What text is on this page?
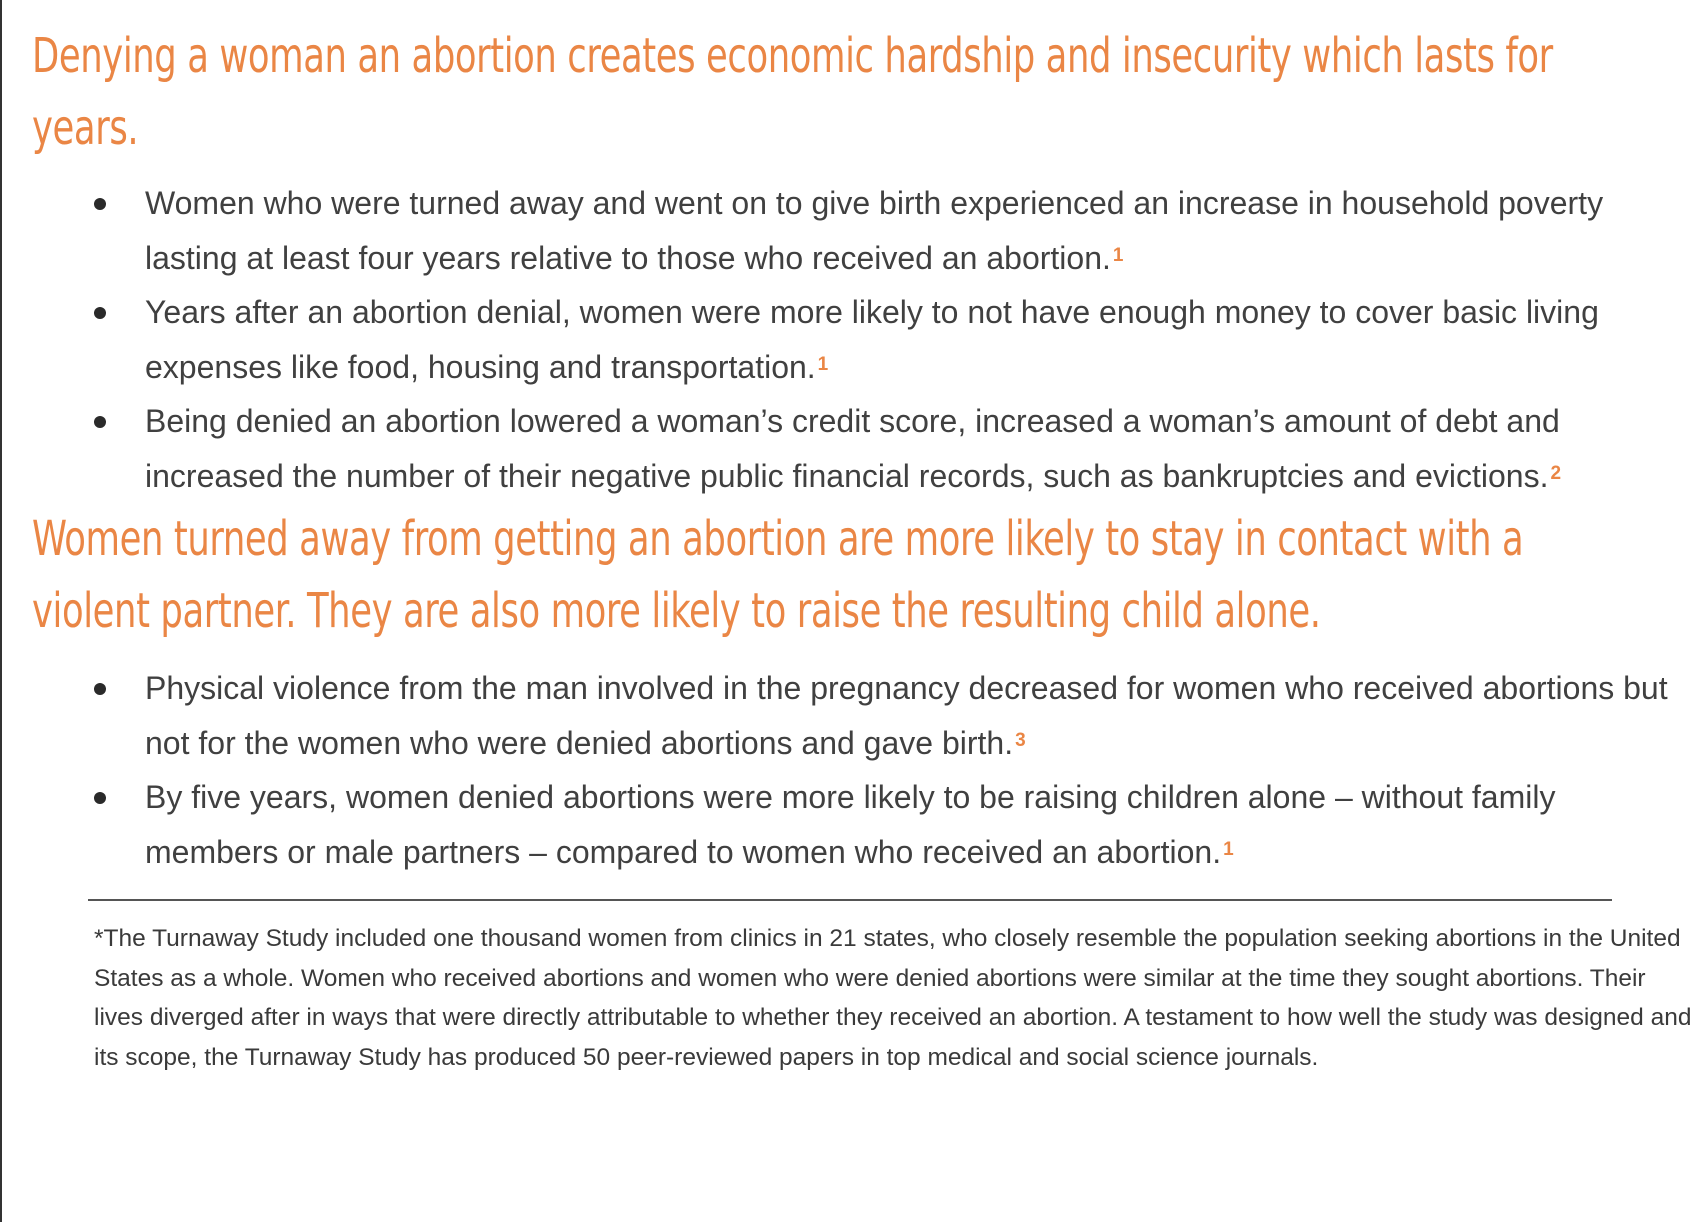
Denying a woman an abortion creates economic hardship and insecurity which lasts for years.
Women who were turned away and went on to give birth experienced an increase in household poverty lasting at least four years relative to those who received an abortion. $^1$
Years after an abortion denial, women were more likely to not have enough money to cover basic living expenses like food, housing and transportation. $^1$
Being denied an abortion lowered a woman’s credit score, increased a woman’s amount of debt and increased the number of their negative public financial records, such as bankruptcies and evictions. $^2$
Women turned away from getting an abortion are more likely to stay in contact with a violent partner. They are also more likely to raise the resulting child alone.
Physical violence from the man involved in the pregnancy decreased for women who received abortions but not for the women who were denied abortions and gave birth. $^3$
By five years, women denied abortions were more likely to be raising children alone – without family members or male partners – compared to women who received an abortion. $^1$

*The Turnaway Study included one thousand women from clinics in 21 states, who closely resemble the population seeking abortions in the United States as a whole. Women who received abortions and women who were denied abortions were similar at the time they sought abortions. Their lives diverged after in ways that were directly attributable to whether they received an abortion. A testament to how well the study was designed and its scope, the Turnaway Study has produced 50 peer-reviewed papers in top medical and social science journals.
